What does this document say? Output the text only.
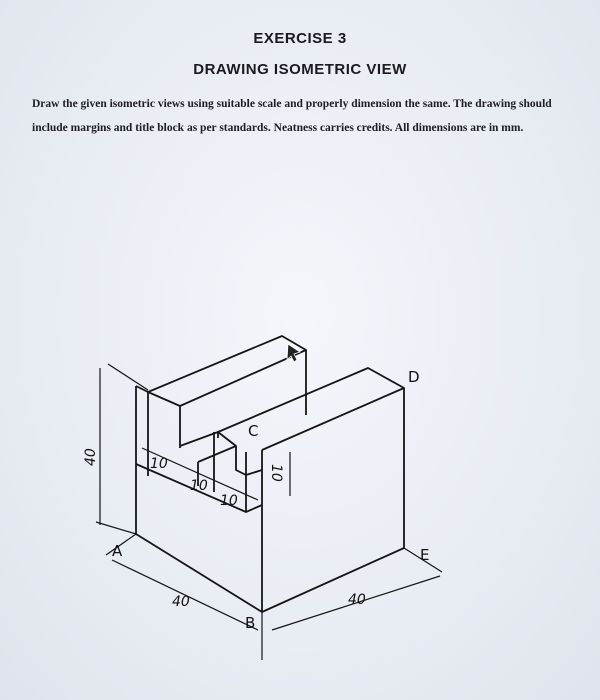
EXERCISE 3
DRAWING ISOMETRIC VIEW
Draw the given isometric views using suitable scale and properly dimension the same. The drawing should include margins and title block as per standards. Neatness carries credits. All dimensions are in mm.
A
B
C
D
E
40	10
10
10
10
40	40
